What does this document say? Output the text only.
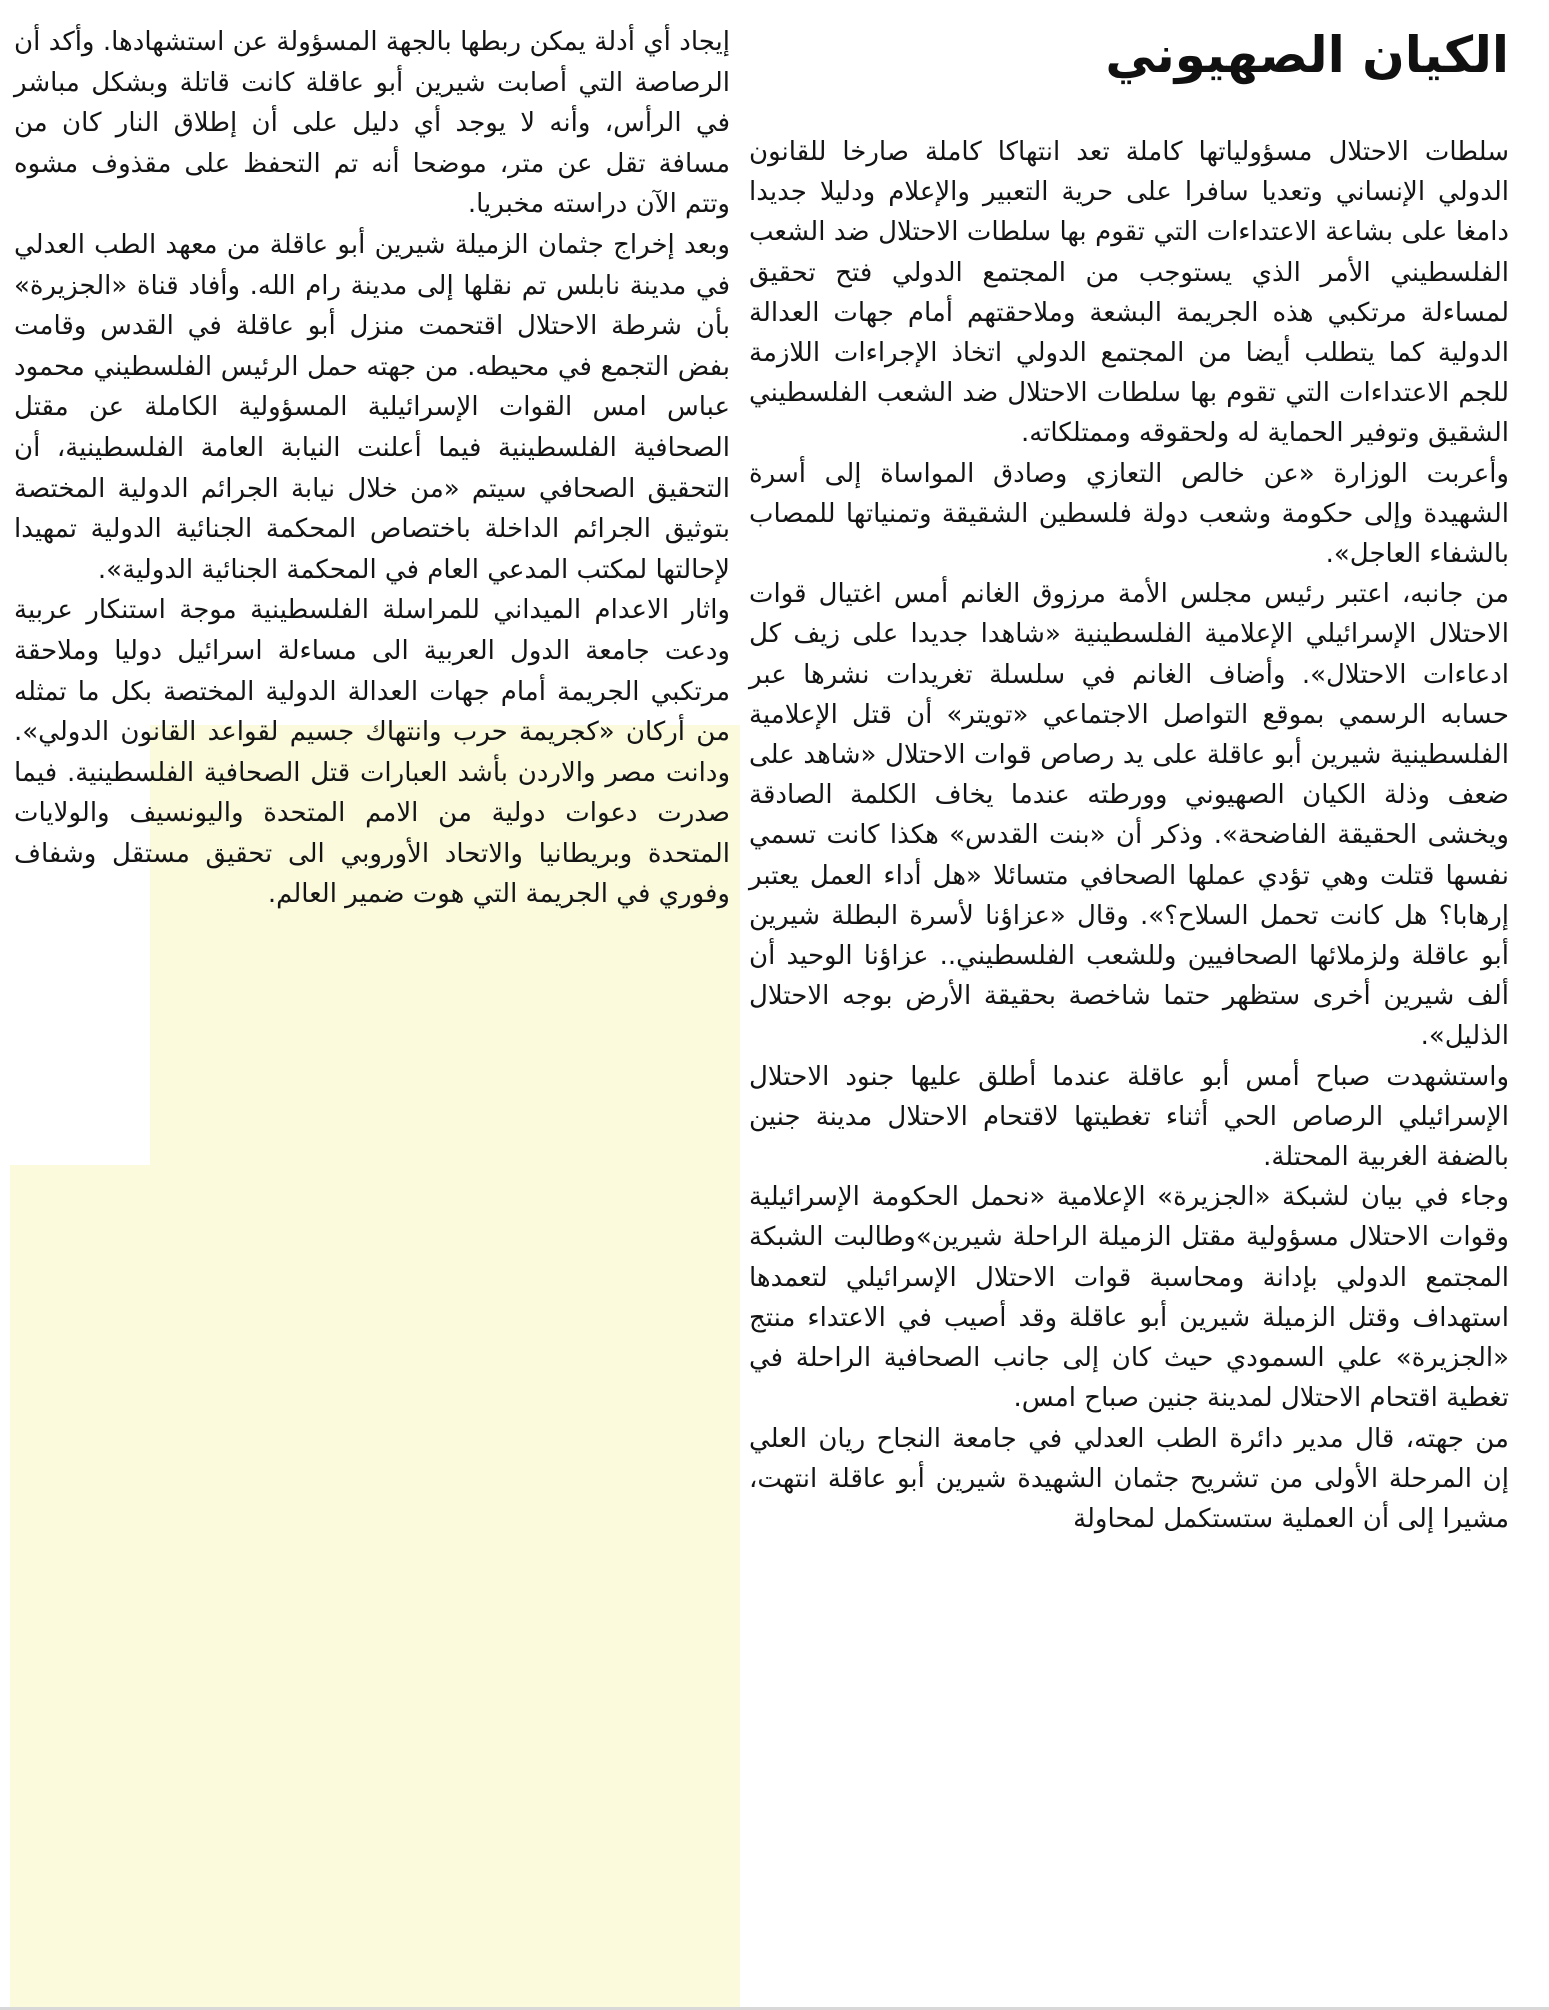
الكيان الصهيوني

سلطات الاحتلال مسؤولياتها كاملة تعد انتهاكا كاملة صارخا للقانون الدولي الإنساني وتعديا سافرا على حرية التعبير والإعلام ودليلا جديدا دامغا على بشاعة الاعتداءات التي تقوم بها سلطات الاحتلال ضد الشعب الفلسطيني الأمر الذي يستوجب من المجتمع الدولي فتح تحقيق لمساءلة مرتكبي هذه الجريمة البشعة وملاحقتهم أمام جهات العدالة الدولية كما يتطلب أيضا من المجتمع الدولي اتخاذ الإجراءات اللازمة للجم الاعتداءات التي تقوم بها سلطات الاحتلال ضد الشعب الفلسطيني الشقيق وتوفير الحماية له ولحقوقه وممتلكاته.

وأعربت الوزارة «عن خالص التعازي وصادق المواساة إلى أسرة الشهيدة وإلى حكومة وشعب دولة فلسطين الشقيقة وتمنياتها للمصاب بالشفاء العاجل».

من جانبه، اعتبر رئيس مجلس الأمة مرزوق الغانم أمس اغتيال قوات الاحتلال الإسرائيلي الإعلامية الفلسطينية «شاهدا جديدا على زيف كل ادعاءات الاحتلال». وأضاف الغانم في سلسلة تغريدات نشرها عبر حسابه الرسمي بموقع التواصل الاجتماعي «تويتر» أن قتل الإعلامية الفلسطينية شيرين أبو عاقلة على يد رصاص قوات الاحتلال «شاهد على ضعف وذلة الكيان الصهيوني وورطته عندما يخاف الكلمة الصادقة ويخشى الحقيقة الفاضحة». وذكر أن «بنت القدس» هكذا كانت تسمي نفسها قتلت وهي تؤدي عملها الصحافي متسائلا «هل أداء العمل يعتبر إرهابا؟ هل كانت تحمل السلاح؟». وقال «عزاؤنا لأسرة البطلة شيرين أبو عاقلة ولزملائها الصحافيين وللشعب الفلسطيني.. عزاؤنا الوحيد أن ألف شيرين أخرى ستظهر حتما شاخصة بحقيقة الأرض بوجه الاحتلال الذليل».

واستشهدت صباح أمس أبو عاقلة عندما أطلق عليها جنود الاحتلال الإسرائيلي الرصاص الحي أثناء تغطيتها لاقتحام الاحتلال مدينة جنين بالضفة الغربية المحتلة.

وجاء في بيان لشبكة «الجزيرة» الإعلامية «نحمل الحكومة الإسرائيلية وقوات الاحتلال مسؤولية مقتل الزميلة الراحلة شيرين»وطالبت الشبكة المجتمع الدولي بإدانة ومحاسبة قوات الاحتلال الإسرائيلي لتعمدها استهداف وقتل الزميلة شيرين أبو عاقلة وقد أصيب في الاعتداء منتج «الجزيرة» علي السمودي حيث كان إلى جانب الصحافية الراحلة في تغطية اقتحام الاحتلال لمدينة جنين صباح امس.

من جهته، قال مدير دائرة الطب العدلي في جامعة النجاح ريان العلي إن المرحلة الأولى من تشريح جثمان الشهيدة شيرين أبو عاقلة انتهت، مشيرا إلى أن العملية ستستكمل لمحاولة

إيجاد أي أدلة يمكن ربطها بالجهة المسؤولة عن استشهادها. وأكد أن الرصاصة التي أصابت شيرين أبو عاقلة كانت قاتلة وبشكل مباشر في الرأس، وأنه لا يوجد أي دليل على أن إطلاق النار كان من مسافة تقل عن متر، موضحا أنه تم التحفظ على مقذوف مشوه وتتم الآن دراسته مخبريا.

وبعد إخراج جثمان الزميلة شيرين أبو عاقلة من معهد الطب العدلي في مدينة نابلس تم نقلها إلى مدينة رام الله. وأفاد قناة «الجزيرة» بأن شرطة الاحتلال اقتحمت منزل أبو عاقلة في القدس وقامت بفض التجمع في محيطه. من جهته حمل الرئيس الفلسطيني محمود عباس امس القوات الإسرائيلية المسؤولية الكاملة عن مقتل الصحافية الفلسطينية فيما أعلنت النيابة العامة الفلسطينية، أن التحقيق الصحافي سيتم «من خلال نيابة الجرائم الدولية المختصة بتوثيق الجرائم الداخلة باختصاص المحكمة الجنائية الدولية تمهيدا لإحالتها لمكتب المدعي العام في المحكمة الجنائية الدولية».

واثار الاعدام الميداني للمراسلة الفلسطينية موجة استنكار عربية ودعت جامعة الدول العربية الى مساءلة اسرائيل دوليا وملاحقة مرتكبي الجريمة أمام جهات العدالة الدولية المختصة بكل ما تمثله من أركان «كجريمة حرب وانتهاك جسيم لقواعد القانون الدولي». ودانت مصر والاردن بأشد العبارات قتل الصحافية الفلسطينية. فيما صدرت دعوات دولية من الامم المتحدة واليونسيف والولايات المتحدة وبريطانيا والاتحاد الأوروبي الى تحقيق مستقل وشفاف وفوري في الجريمة التي هوت ضمير العالم.
